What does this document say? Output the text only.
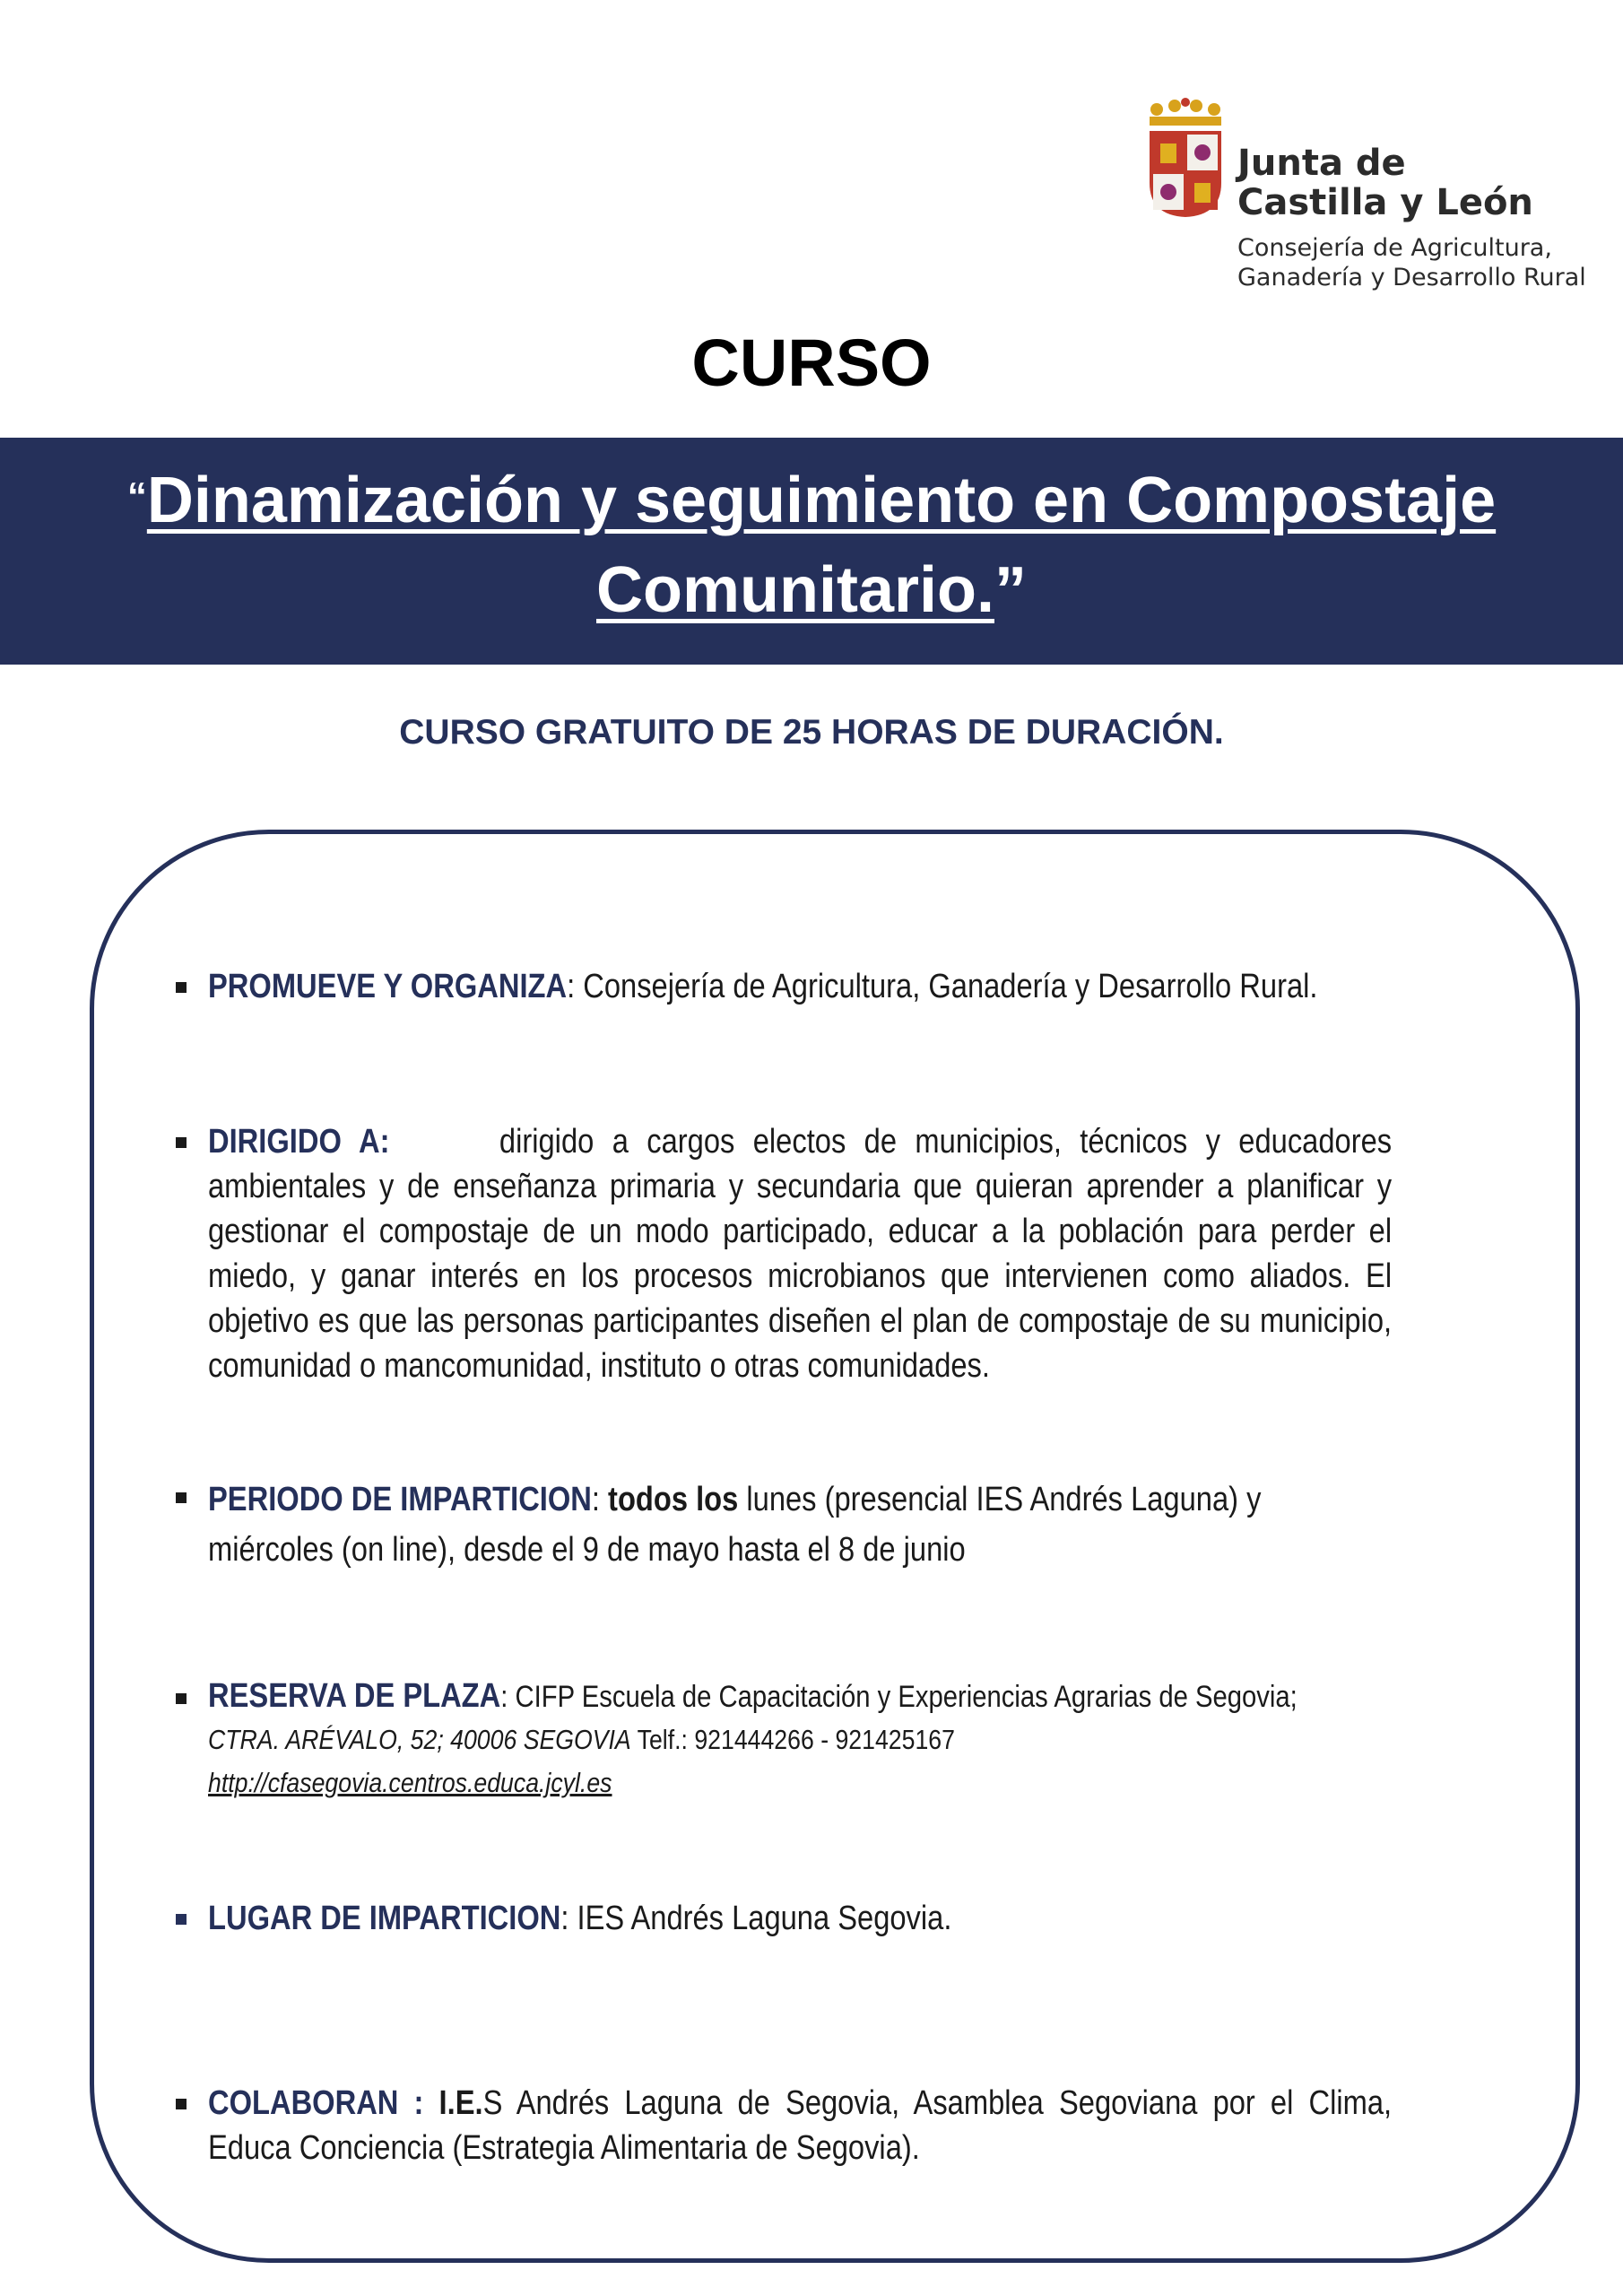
Junta de
Castilla y León
Consejería de Agricultura,
Ganadería y Desarrollo Rural
CURSO
“Dinamización y seguimiento en Compostaje
Comunitario.”
CURSO GRATUITO DE 25 HORAS DE DURACIÓN.
PROMUEVE Y ORGANIZA: Consejería de Agricultura, Ganadería y Desarrollo Rural.
DIRIGIDO A:	dirigido a cargos electos de municipios, técnicos y educadores ambientales y de enseñanza primaria y secundaria que quieran aprender a planificar y gestionar el compostaje de un modo participado, educar a la población para perder el miedo, y ganar interés en los procesos microbianos que intervienen como aliados. El objetivo es que las personas participantes diseñen el plan de compostaje de su municipio, comunidad o mancomunidad, instituto o otras comunidades.
PERIODO DE IMPARTICION: todos los lunes (presencial IES Andrés Laguna) y miércoles (on line), desde el 9 de mayo hasta el 8 de junio
RESERVA DE PLAZA: CIFP Escuela de Capacitación y Experiencias Agrarias de Segovia;
CTRA. ARÉVALO, 52; 40006 SEGOVIA Telf.: 921444266 - 921425167
http://cfasegovia.centros.educa.jcyl.es
LUGAR DE IMPARTICION: IES Andrés Laguna Segovia.
COLABORAN : I.E.S Andrés Laguna de Segovia, Asamblea Segoviana por el Clima, Educa Conciencia (Estrategia Alimentaria de Segovia).
